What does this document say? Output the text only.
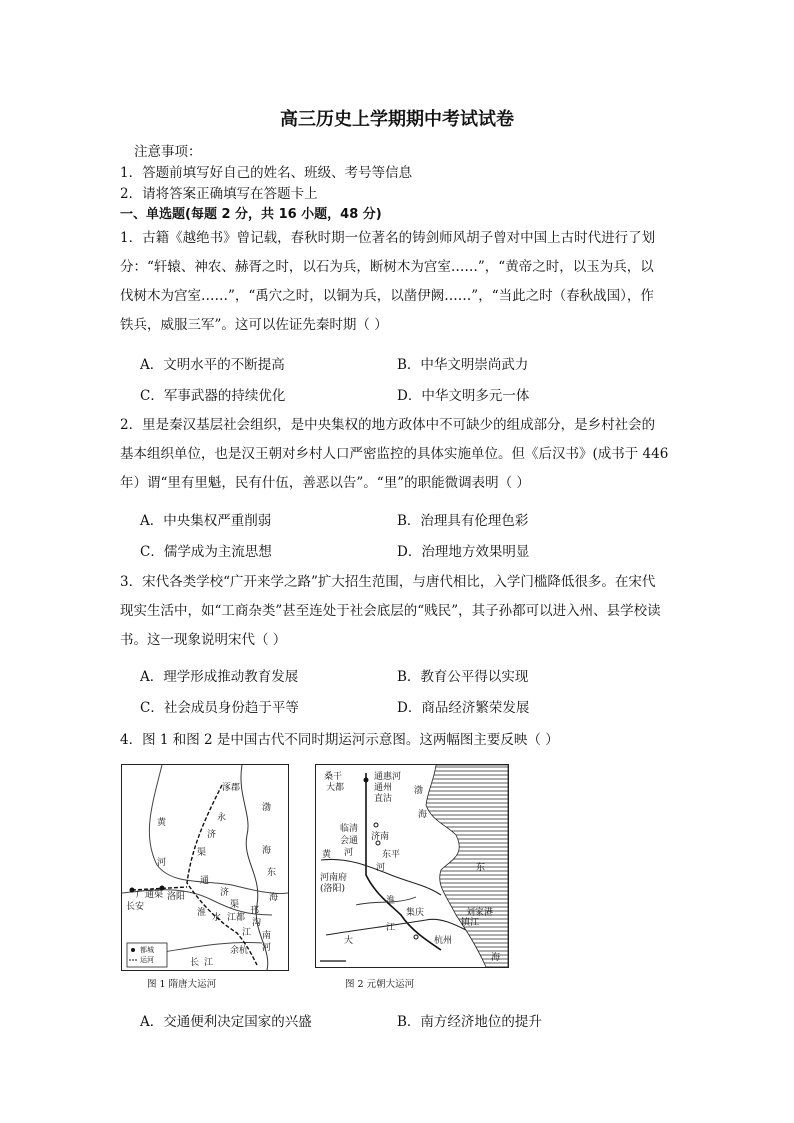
高三历史上学期期中考试试卷
注意事项：
1．答题前填写好自己的姓名、班级、考号等信息
2．请将答案正确填写在答题卡上
一、单选题(每题 2 分，共 16 小题，48 分)
1．古籍《越绝书》曾记载，春秋时期一位著名的铸剑师风胡子曾对中国上古时代进行了划
分：“轩辕、神农、赫胥之时，以石为兵，断树木为宫室……”，“黄帝之时，以玉为兵，以
伐树木为宫室……”，“禹穴之时，以铜为兵，以凿伊阙……”，“当此之时（春秋战国），作
铁兵，威服三军”。这可以佐证先秦时期（ ）
A．文明水平的不断提高	B．中华文明崇尚武力
C．军事武器的持续优化	D．中华文明多元一体
2．里是秦汉基层社会组织，是中央集权的地方政体中不可缺少的组成部分，是乡村社会的
基本组织单位，也是汉王朝对乡村人口严密监控的具体实施单位。但《后汉书》(成书于 446
年）谓“里有里魁，民有什伍，善恶以告”。“里”的职能微调表明（ ）
A．中央集权严重削弱	B．治理具有伦理色彩
C．儒学成为主流思想	D．治理地方效果明显
3．宋代各类学校“广开来学之路”扩大招生范围，与唐代相比，入学门槛降低很多。在宋代
现实生活中，如“工商杂类”甚至连处于社会底层的“贱民”，其子孙都可以进入州、县学校读
书。这一现象说明宋代（ ）
A．理学形成推动教育发展	B．教育公平得以实现
C．社会成员身份趋于平等	D．商品经济繁荣发展
4．图 1 和图 2 是中国古代不同时期运河示意图。这两幅图主要反映（ ）
涿郡
渤
海
永
济
渠
黄
河
广通渠 洛阳
长安
通
济
渠
淮 水 江都
邗
沟
东
海
江 南
河
余杭
长 江
都城
运河
图 1 隋唐大运河
桑干
大都
通惠河
通州
直沽
渤
海
临清
会通
河
济南
东平
黄
河
河南府
(洛阳)
东
淮
集庆
江
大	杭州
镇江
刘家港
海
图 2 元朝大运河
A．交通便利决定国家的兴盛	B．南方经济地位的提升
